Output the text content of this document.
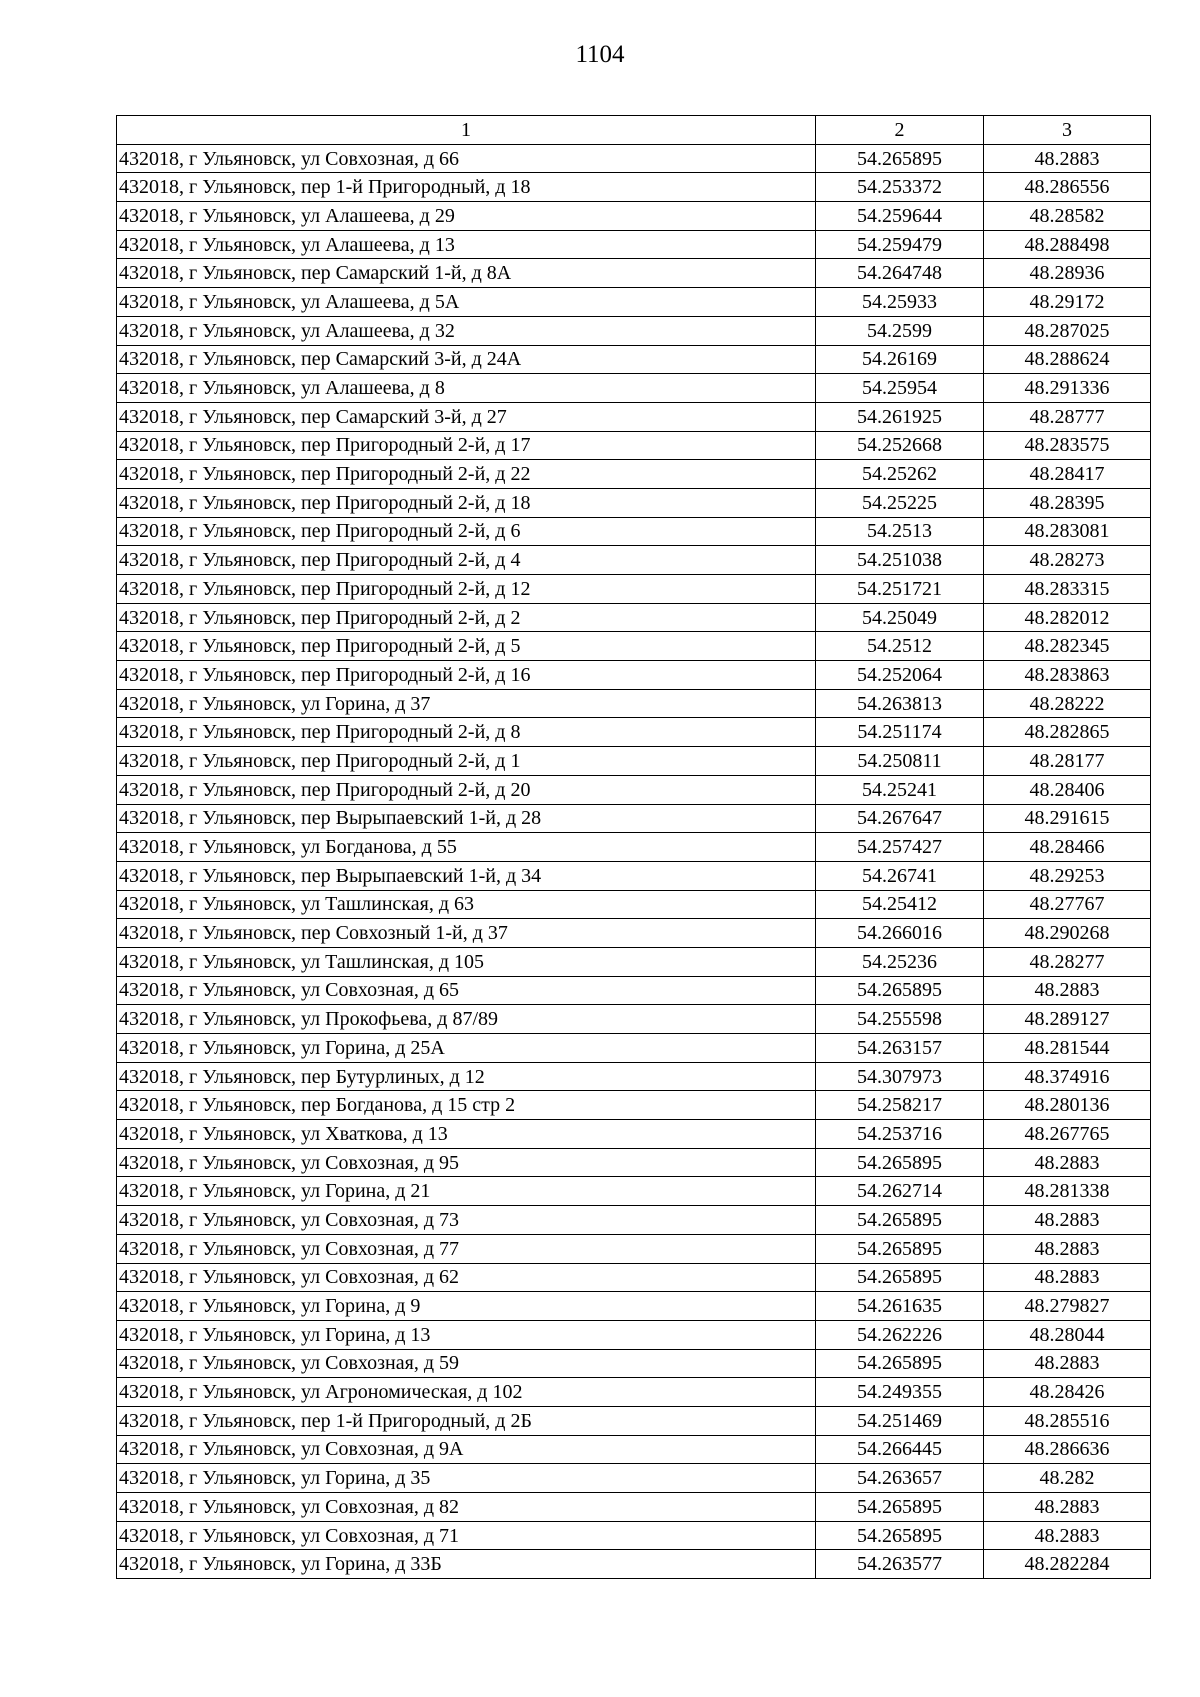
1104
1	2	3
432018, г Ульяновск, ул Совхозная, д 66	54.265895	48.2883
432018, г Ульяновск, пер 1-й Пригородный, д 18	54.253372	48.286556
432018, г Ульяновск, ул Алашеева, д 29	54.259644	48.28582
432018, г Ульяновск, ул Алашеева, д 13	54.259479	48.288498
432018, г Ульяновск, пер Самарский 1-й, д 8А	54.264748	48.28936
432018, г Ульяновск, ул Алашеева, д 5А	54.25933	48.29172
432018, г Ульяновск, ул Алашеева, д 32	54.2599	48.287025
432018, г Ульяновск, пер Самарский 3-й, д 24А	54.26169	48.288624
432018, г Ульяновск, ул Алашеева, д 8	54.25954	48.291336
432018, г Ульяновск, пер Самарский 3-й, д 27	54.261925	48.28777
432018, г Ульяновск, пер Пригородный 2-й, д 17	54.252668	48.283575
432018, г Ульяновск, пер Пригородный 2-й, д 22	54.25262	48.28417
432018, г Ульяновск, пер Пригородный 2-й, д 18	54.25225	48.28395
432018, г Ульяновск, пер Пригородный 2-й, д 6	54.2513	48.283081
432018, г Ульяновск, пер Пригородный 2-й, д 4	54.251038	48.28273
432018, г Ульяновск, пер Пригородный 2-й, д 12	54.251721	48.283315
432018, г Ульяновск, пер Пригородный 2-й, д 2	54.25049	48.282012
432018, г Ульяновск, пер Пригородный 2-й, д 5	54.2512	48.282345
432018, г Ульяновск, пер Пригородный 2-й, д 16	54.252064	48.283863
432018, г Ульяновск, ул Горина, д 37	54.263813	48.28222
432018, г Ульяновск, пер Пригородный 2-й, д 8	54.251174	48.282865
432018, г Ульяновск, пер Пригородный 2-й, д 1	54.250811	48.28177
432018, г Ульяновск, пер Пригородный 2-й, д 20	54.25241	48.28406
432018, г Ульяновск, пер Вырыпаевский 1-й, д 28	54.267647	48.291615
432018, г Ульяновск, ул Богданова, д 55	54.257427	48.28466
432018, г Ульяновск, пер Вырыпаевский 1-й, д 34	54.26741	48.29253
432018, г Ульяновск, ул Ташлинская, д 63	54.25412	48.27767
432018, г Ульяновск, пер Совхозный 1-й, д 37	54.266016	48.290268
432018, г Ульяновск, ул Ташлинская, д 105	54.25236	48.28277
432018, г Ульяновск, ул Совхозная, д 65	54.265895	48.2883
432018, г Ульяновск, ул Прокофьева, д 87/89	54.255598	48.289127
432018, г Ульяновск, ул Горина, д 25А	54.263157	48.281544
432018, г Ульяновск, пер Бутурлиных, д 12	54.307973	48.374916
432018, г Ульяновск, пер Богданова, д 15 стр 2	54.258217	48.280136
432018, г Ульяновск, ул Хваткова, д 13	54.253716	48.267765
432018, г Ульяновск, ул Совхозная, д 95	54.265895	48.2883
432018, г Ульяновск, ул Горина, д 21	54.262714	48.281338
432018, г Ульяновск, ул Совхозная, д 73	54.265895	48.2883
432018, г Ульяновск, ул Совхозная, д 77	54.265895	48.2883
432018, г Ульяновск, ул Совхозная, д 62	54.265895	48.2883
432018, г Ульяновск, ул Горина, д 9	54.261635	48.279827
432018, г Ульяновск, ул Горина, д 13	54.262226	48.28044
432018, г Ульяновск, ул Совхозная, д 59	54.265895	48.2883
432018, г Ульяновск, ул Агрономическая, д 102	54.249355	48.28426
432018, г Ульяновск, пер 1-й Пригородный, д 2Б	54.251469	48.285516
432018, г Ульяновск, ул Совхозная, д 9А	54.266445	48.286636
432018, г Ульяновск, ул Горина, д 35	54.263657	48.282
432018, г Ульяновск, ул Совхозная, д 82	54.265895	48.2883
432018, г Ульяновск, ул Совхозная, д 71	54.265895	48.2883
432018, г Ульяновск, ул Горина, д 33Б	54.263577	48.282284
